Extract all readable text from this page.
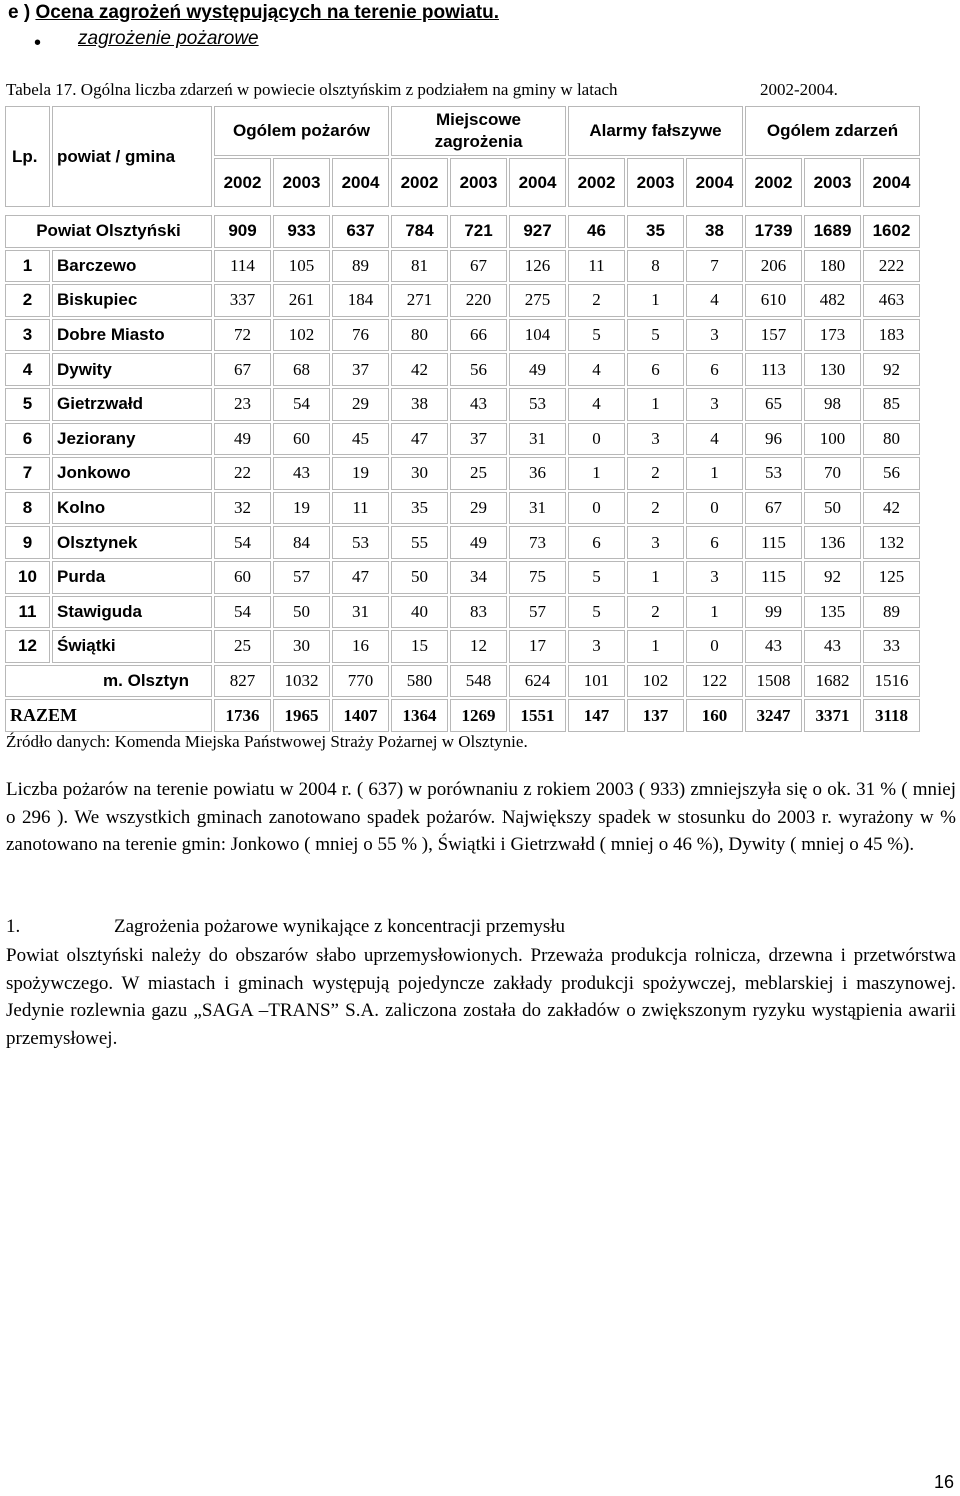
e ) Ocena zagrożeń występujących na terenie powiatu.
• zagrożenie pożarowe
Tabela 17. Ogólna liczba zdarzeń w powiecie olsztyńskim z podziałem na gminy w latach	2002-2004.
Lp.	powiat / gmina	Ogólem pożarów			Miejscowe zagrożenia			Alarmy fałszywe			Ogólem zdarzeń		
		2002	2003	2004	2002	2003	2004	2002	2003	2004	2002	2003	2004

Powiat Olsztyński		909	933	637	784	721	927	46	35	38	1739	1689	1602
1	Barczewo	114	105	89	81	67	126	11	8	7	206	180	222
2	Biskupiec	337	261	184	271	220	275	2	1	4	610	482	463
3	Dobre Miasto	72	102	76	80	66	104	5	5	3	157	173	183
4	Dywity	67	68	37	42	56	49	4	6	6	113	130	92
5	Gietrzwałd	23	54	29	38	43	53	4	1	3	65	98	85
6	Jeziorany	49	60	45	47	37	31	0	3	4	96	100	80
7	Jonkowo	22	43	19	30	25	36	1	2	1	53	70	56
8	Kolno	32	19	11	35	29	31	0	2	0	67	50	42
9	Olsztynek	54	84	53	55	49	73	6	3	6	115	136	132
10	Purda	60	57	47	50	34	75	5	1	3	115	92	125
11	Stawiguda	54	50	31	40	83	57	5	2	1	99	135	89
12	Świątki	25	30	16	15	12	17	3	1	0	43	43	33
m. Olsztyn		827	1032	770	580	548	624	101	102	122	1508	1682	1516
RAZEM		1736	1965	1407	1364	1269	1551	147	137	160	3247	3371	3118
Źródło danych: Komenda Miejska Państwowej Straży Pożarnej w Olsztynie.

Liczba pożarów na terenie powiatu w 2004 r. ( 637) w porównaniu z rokiem 2003 ( 933) zmniejszyła się o ok. 31 % ( mniej o 296 ). We wszystkich gminach zanotowano spadek pożarów. Największy spadek w stosunku do 2003 r. wyrażony w % zanotowano na terenie gmin: Jonkowo ( mniej o 55 % ), Świątki i Gietrzwałd ( mniej o 46 %), Dywity ( mniej o 45 %).

1.	Zagrożenia pożarowe wynikające z koncentracji przemysłu

Powiat olsztyński należy do obszarów słabo uprzemysłowionych. Przeważa produkcja rolnicza, drzewna i przetwórstwa spożywczego. W miastach i gminach występują pojedyncze zakłady produkcji spożywczej, meblarskiej i maszynowej. Jedynie rozlewnia gazu „SAGA –TRANS” S.A. zaliczona została do zakładów o zwiększonym ryzyku wystąpienia awarii przemysłowej.

16
